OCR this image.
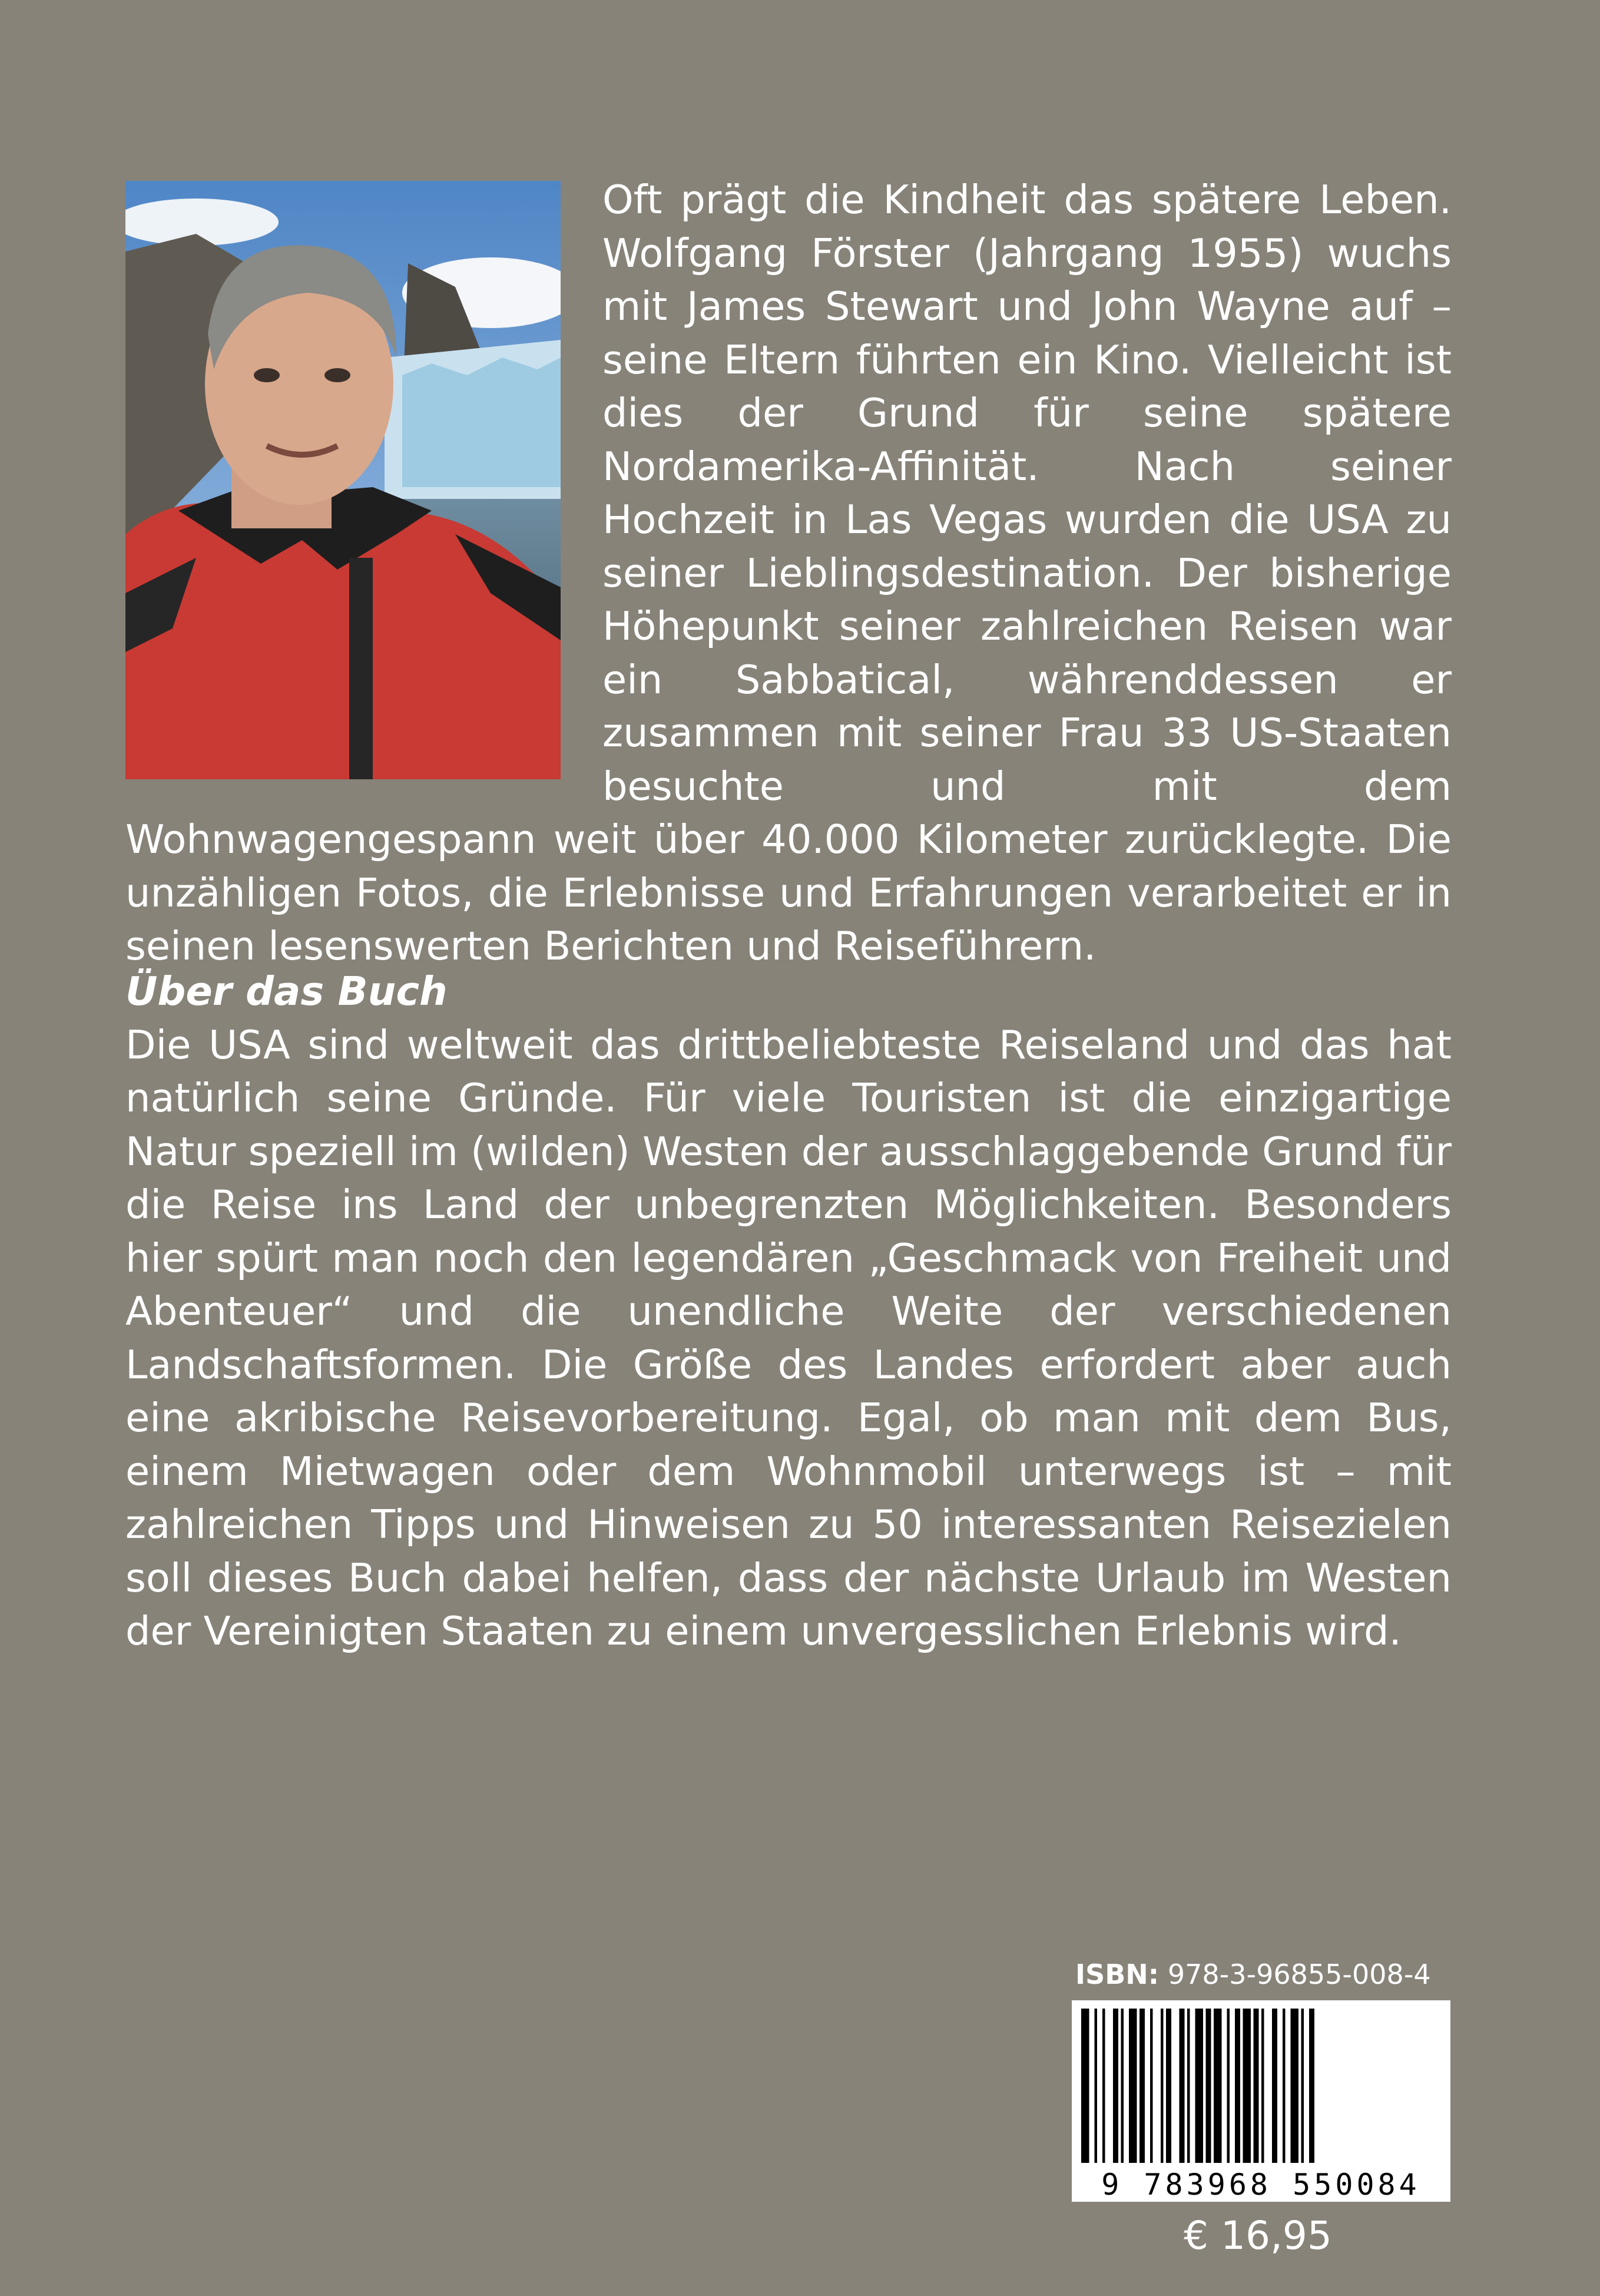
Oft prägt die Kindheit das spätere Leben. Wolfgang Förster (Jahrgang 1955) wuchs mit James Stewart und John Wayne auf – seine Eltern führten ein Kino. Vielleicht ist dies der Grund für seine spätere Nordamerika-Affinität. Nach seiner Hochzeit in Las Vegas wurden die USA zu seiner Lieblingsdestination. Der bisherige Höhepunkt seiner zahlreichen Reisen war ein Sabbatical, währenddessen er zusammen mit seiner Frau 33 US-Staaten besuchte und mit dem Wohnwagengespann weit über 40.000 Kilometer zurücklegte. Die unzähligen Fotos, die Erlebnisse und Erfahrungen verarbeitet er in seinen lesenswerten Berichten und Reiseführern.

Über das Buch

Die USA sind weltweit das drittbeliebteste Reiseland und das hat natürlich seine Gründe. Für viele Touristen ist die einzigartige Natur speziell im (wilden) Westen der ausschlaggebende Grund für die Reise ins Land der unbegrenzten Möglichkeiten. Besonders hier spürt man noch den legendären „Geschmack von Freiheit und Abenteuer“ und die unendliche Weite der verschiedenen Landschaftsformen. Die Größe des Landes erfordert aber auch eine akribische Reisevorbereitung. Egal, ob man mit dem Bus, einem Mietwagen oder dem Wohnmobil unterwegs ist – mit zahlreichen Tipps und Hinweisen zu 50 interessanten Reisezielen soll dieses Buch dabei helfen, dass der nächste Urlaub im Westen der Vereinigten Staaten zu einem unvergesslichen Erlebnis wird.

ISBN: 978-3-96855-008-4
9 783968 550084
€ 16,95
